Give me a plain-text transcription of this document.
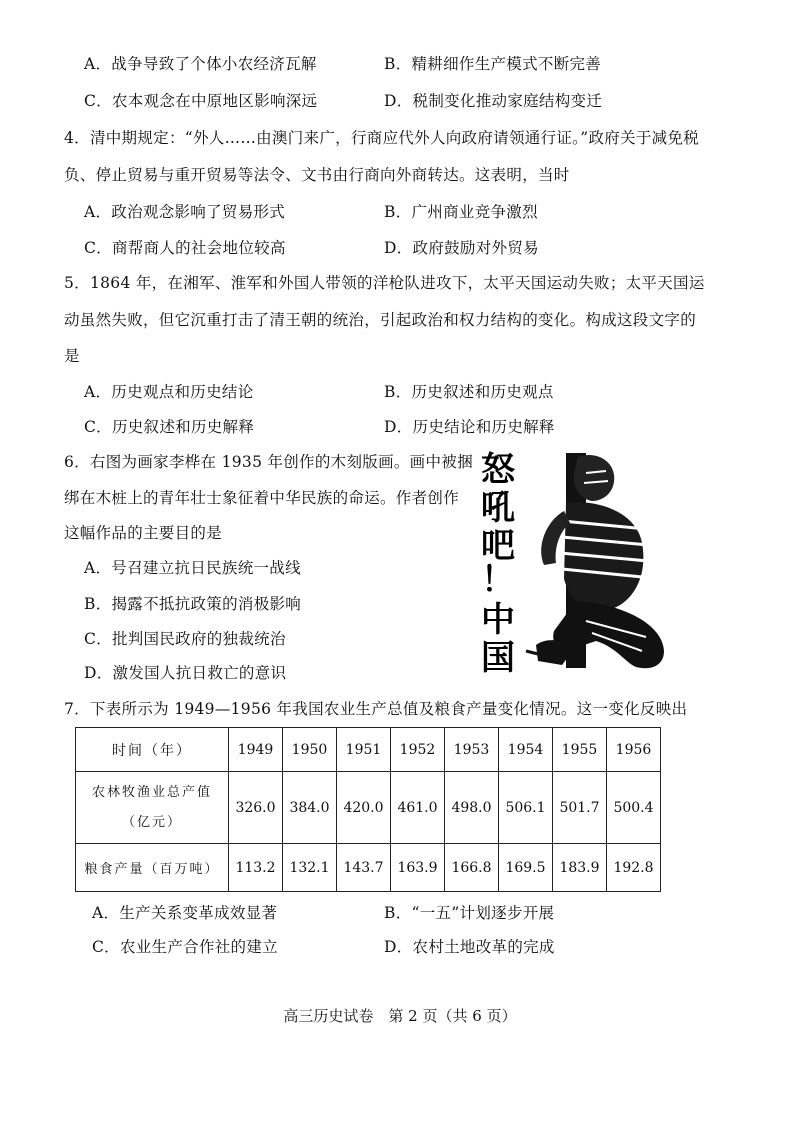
A．战争导致了个体小农经济瓦解	B．精耕细作生产模式不断完善
C．农本观念在中原地区影响深远	D．税制变化推动家庭结构变迁
4．清中期规定：“外人……由澳门来广，行商应代外人向政府请领通行证。”政府关于减免税
负、停止贸易与重开贸易等法令、文书由行商向外商转达。这表明，当时
A．政治观念影响了贸易形式	B．广州商业竞争激烈
C．商帮商人的社会地位较高	D．政府鼓励对外贸易
5．1864 年，在湘军、淮军和外国人带领的洋枪队进攻下，太平天国运动失败；太平天国运
动虽然失败，但它沉重打击了清王朝的统治，引起政治和权力结构的变化。构成这段文字的
是
A．历史观点和历史结论	B．历史叙述和历史观点
C．历史叙述和历史解释	D．历史结论和历史解释
6．右图为画家李桦在 1935 年创作的木刻版画。画中被捆
绑在木桩上的青年壮士象征着中华民族的命运。作者创作
这幅作品的主要目的是
A．号召建立抗日民族统一战线
B．揭露不抵抗政策的消极影响
C．批判国民政府的独裁统治
D．激发国人抗日救亡的意识
怒
吼
吧
！
中
国
7．下表所示为 1949—1956 年我国农业生产总值及粮食产量变化情况。这一变化反映出
时间（年）	1949	1950	1951	1952	1953	1954	1955	1956

农林牧渔业总产值
（亿元）	326.0	384.0	420.0	461.0	498.0	506.1	501.7	500.4
粮食产量（百万吨）	113.2	132.1	143.7	163.9	166.8	169.5	183.9	192.8
A．生产关系变革成效显著	B．“一五”计划逐步开展
C．农业生产合作社的建立	D．农村土地改革的完成
高三历史试卷　第 2 页（共 6 页）
